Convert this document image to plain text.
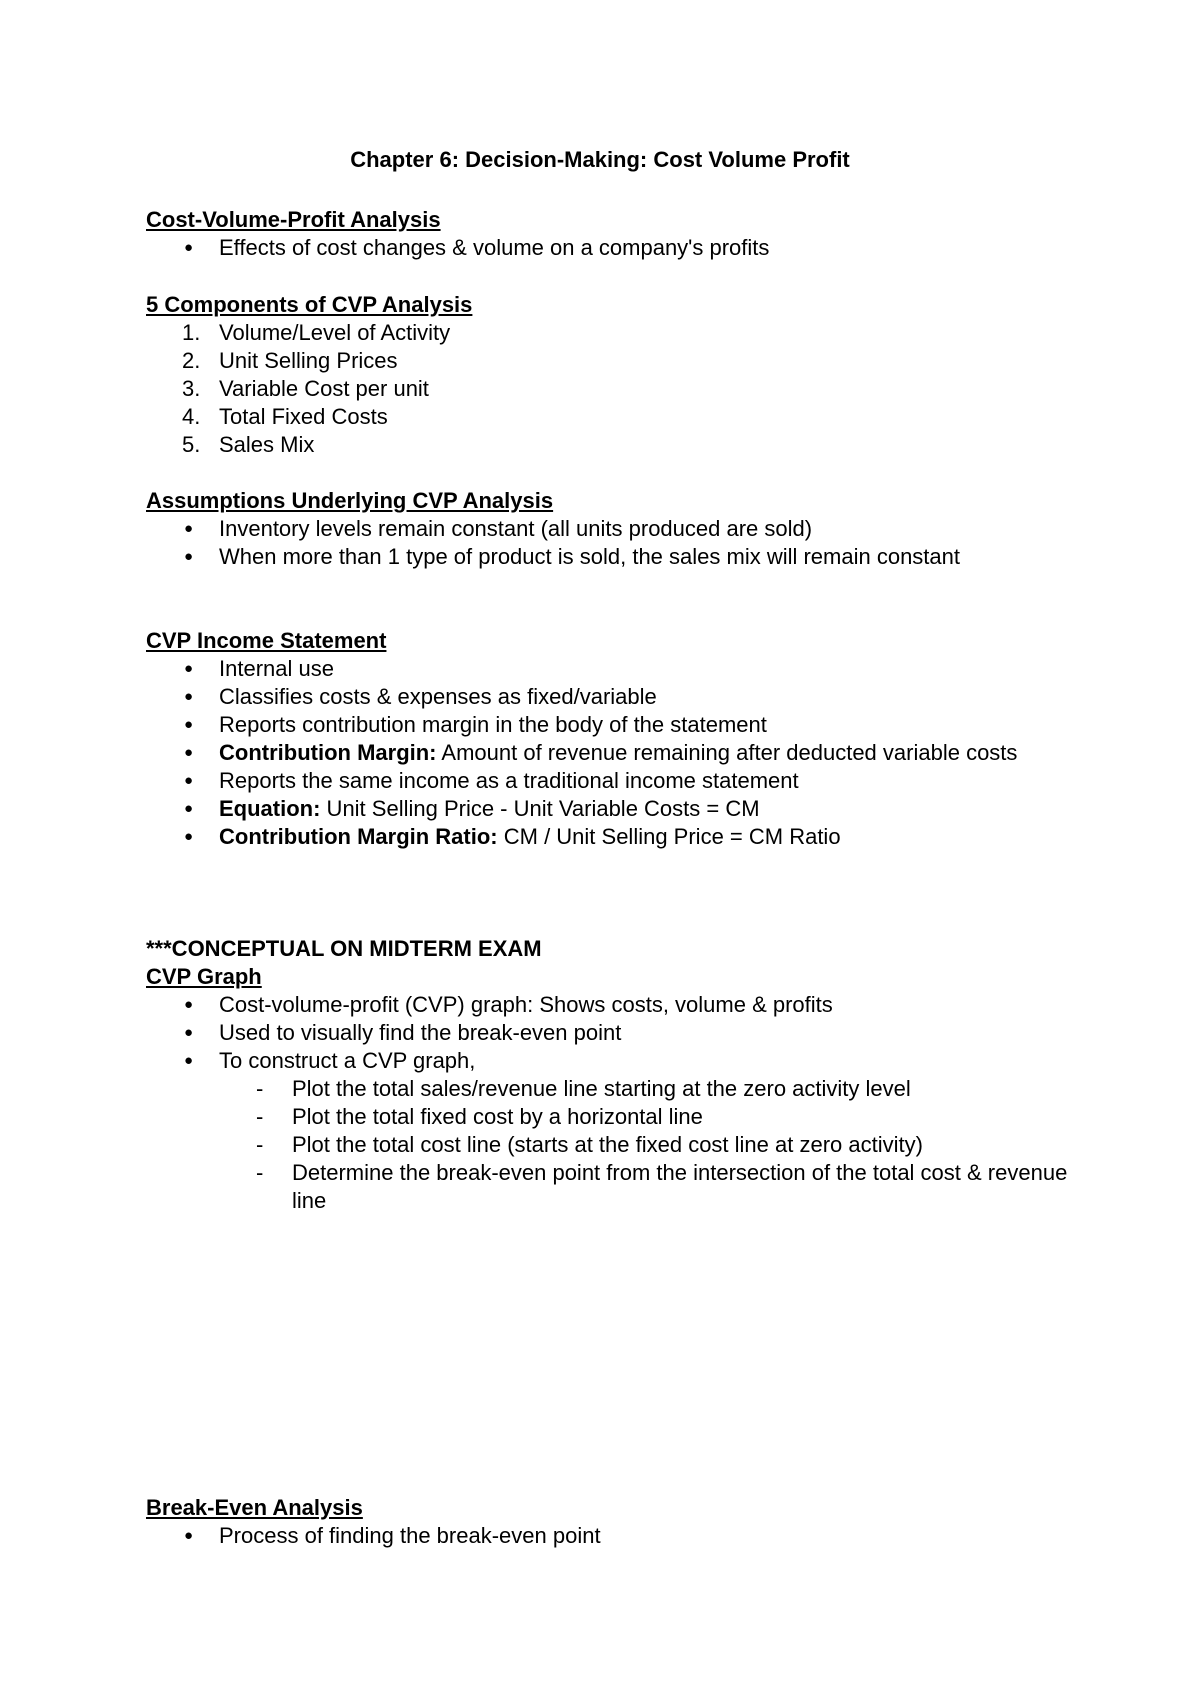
Chapter 6: Decision-Making: Cost Volume Profit
Cost-Volume-Profit Analysis
● Effects of cost changes & volume on a company's profits
5 Components of CVP Analysis
1. Volume/Level of Activity
2. Unit Selling Prices
3. Variable Cost per unit
4. Total Fixed Costs
5. Sales Mix
Assumptions Underlying CVP Analysis
● Inventory levels remain constant (all units produced are sold)
● When more than 1 type of product is sold, the sales mix will remain constant
CVP Income Statement
● Internal use
● Classifies costs & expenses as fixed/variable
● Reports contribution margin in the body of the statement
● Contribution Margin: Amount of revenue remaining after deducted variable costs
● Reports the same income as a traditional income statement
● Equation: Unit Selling Price - Unit Variable Costs = CM
● Contribution Margin Ratio: CM / Unit Selling Price = CM Ratio
***CONCEPTUAL ON MIDTERM EXAM
CVP Graph
● Cost-volume-profit (CVP) graph: Shows costs, volume & profits
● Used to visually find the break-even point
● To construct a CVP graph,
- Plot the total sales/revenue line starting at the zero activity level
- Plot the total fixed cost by a horizontal line
- Plot the total cost line (starts at the fixed cost line at zero activity)
- Determine the break-even point from the intersection of the total cost & revenue line
Break-Even Analysis
● Process of finding the break-even point
